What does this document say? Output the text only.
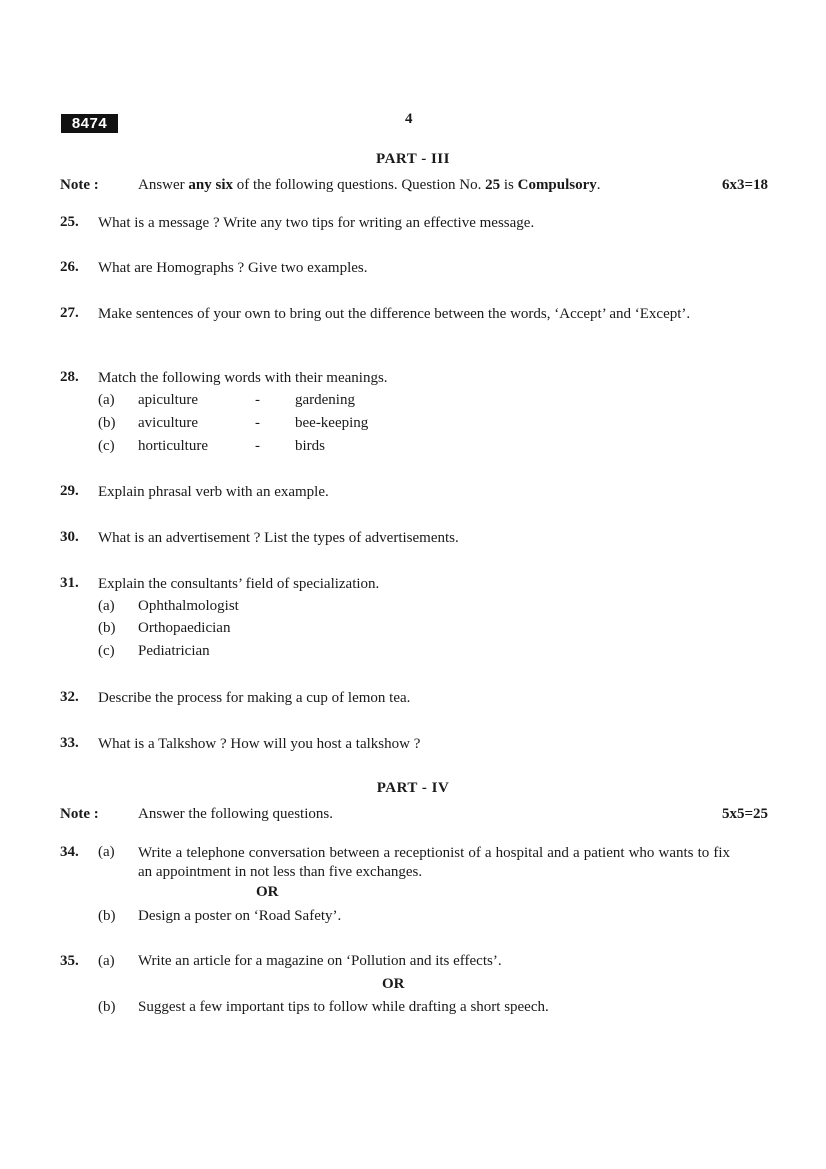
8474	4
PART - III
Note :	Answer any six of the following questions. Question No. 25 is Compulsory.	6x3=18
25. What is a message ? Write any two tips for writing an effective message.
26. What are Homographs ? Give two examples.
27. Make sentences of your own to bring out the difference between the words, ‘Accept’ and ‘Except’.
28. Match the following words with their meanings.
(a) apiculture	- gardening
(b) aviculture	- bee-keeping
(c) horticulture	- birds
29. Explain phrasal verb with an example.
30. What is an advertisement ? List the types of advertisements.
31. Explain the consultants’ field of specialization.
(a) Ophthalmologist
(b) Orthopaedician
(c) Pediatrician
32. Describe the process for making a cup of lemon tea.
33. What is a Talkshow ? How will you host a talkshow ?
PART - IV
Note :	Answer the following questions.	5x5=25
34. (a) Write a telephone conversation between a receptionist of a hospital and a patient who wants to fix an appointment in not less than five exchanges.
OR
(b) Design a poster on ‘Road Safety’.
35. (a) Write an article for a magazine on ‘Pollution and its effects’.
OR
(b) Suggest a few important tips to follow while drafting a short speech.
